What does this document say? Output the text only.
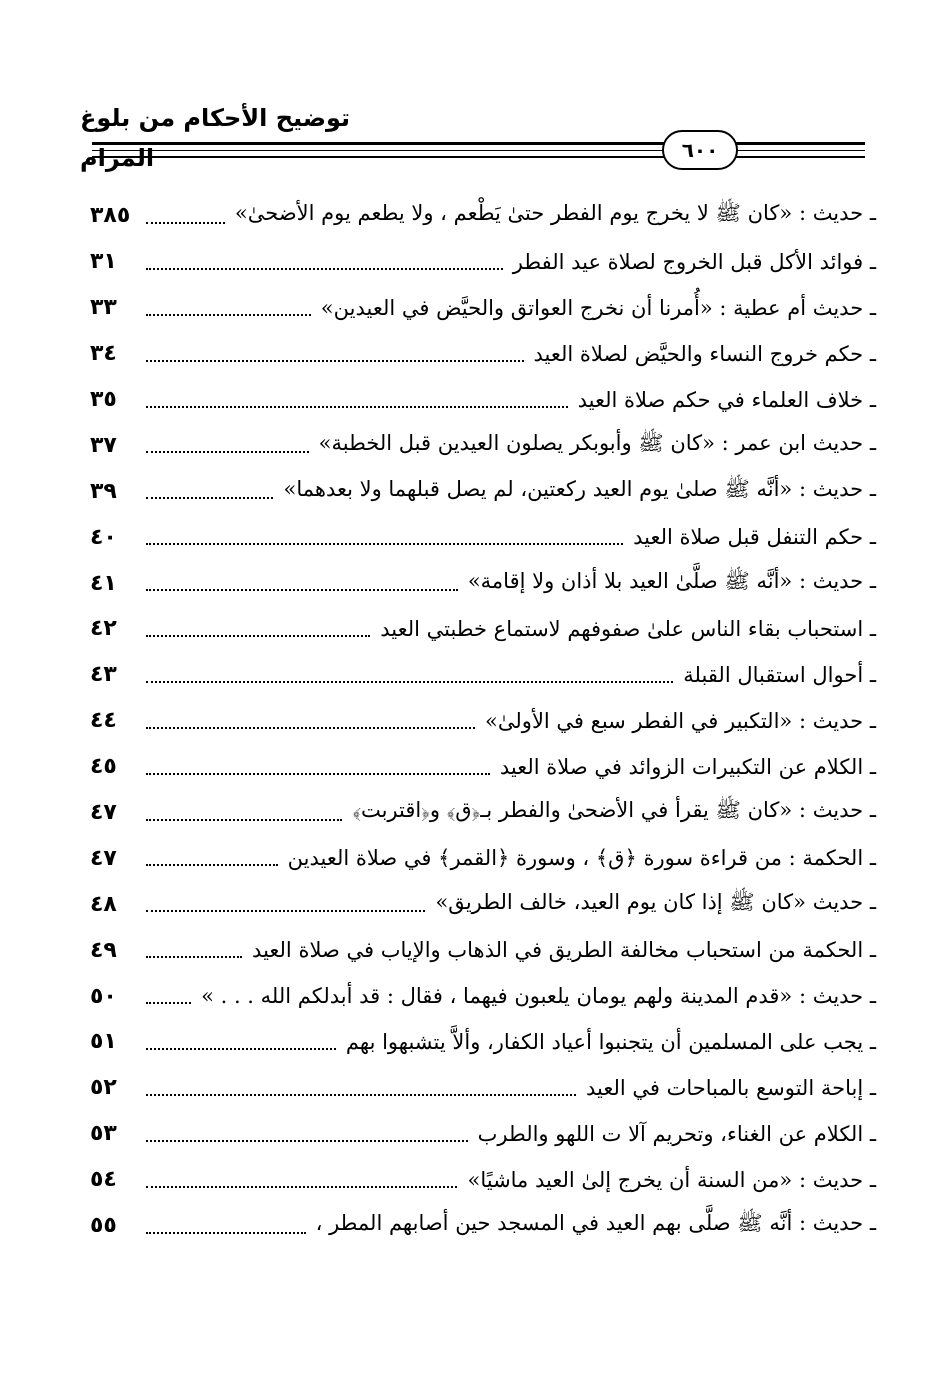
توضيح الأحكام من بلوغ المرام	٦٠٠
٣٨٥	ـ حديث : «كان ﷺ لا يخرج يوم الفطر حتىٰ يَطْعم ، ولا يطعم يوم الأضحىٰ»
٣١	ـ فوائد الأكل قبل الخروج لصلاة عيد الفطر
٣٣	ـ حديث أم عطية : «أُمرنا أن نخرج العواتق والحيَّض في العيدين»
٣٤	ـ حكم خروج النساء والحيَّض لصلاة العيد
٣٥	ـ خلاف العلماء في حكم صلاة العيد
٣٧	ـ حديث ابن عمر : «كان ﷺ وأبوبكر يصلون العيدين قبل الخطبة»
٣٩	ـ حديث : «أنَّه ﷺ صلىٰ يوم العيد ركعتين، لم يصل قبلهما ولا بعدهما»
٤٠	ـ حكم التنفل قبل صلاة العيد
٤١	ـ حديث : «أنَّه ﷺ صلَّىٰ العيد بلا أذان ولا إقامة»
٤٢	ـ استحباب بقاء الناس علىٰ صفوفهم لاستماع خطبتي العيد
٤٣	ـ أحوال استقبال القبلة
٤٤	ـ حديث : «التكبير في الفطر سبع في الأولىٰ»
٤٥	ـ الكلام عن التكبيرات الزوائد في صلاة العيد
٤٧	ـ حديث : «كان ﷺ يقرأ في الأضحىٰ والفطر بـ﴿ق﴾ و﴿اقتربت﴾
٤٧	ـ الحكمة : من قراءة سورة ﴿ق﴾ ، وسورة ﴿القمر﴾ في صلاة العيدين
٤٨	ـ حديث «كان ﷺ إذا كان يوم العيد، خالف الطريق»
٤٩	ـ الحكمة من استحباب مخالفة الطريق في الذهاب والإياب في صلاة العيد
٥٠	ـ حديث : «قدم المدينة ولهم يومان يلعبون فيهما ، فقال : قد أبدلكم الله . . . »
٥١	ـ يجب على المسلمين أن يتجنبوا أعياد الكفار، وألاَّ يتشبهوا بهم
٥٢	ـ إباحة التوسع بالمباحات في العيد
٥٣	ـ الكلام عن الغناء، وتحريم آلا ت اللهو والطرب
٥٤	ـ حديث : «من السنة أن يخرج إلىٰ العيد ماشيًا»
٥٥	ـ حديث : أنَّه ﷺ صلَّى بهم العيد في المسجد حين أصابهم المطر ،
